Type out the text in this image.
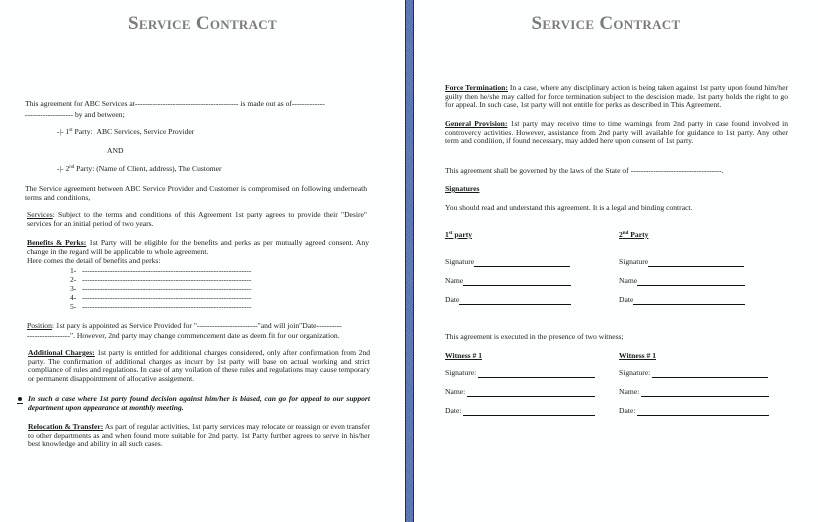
Service Contract
This agreement for ABC Services at----------------------------------------- is made out as of-------------
------------------- by and between;
-|- 1st Party: ABC Services, Service Provider
AND
-|- 2nd Party: (Name of Client, address), The Customer
The Service agreement between ABC Service Provider and Customer is compromised on following underneath terms and conditions,
Services: Subject to the terms and conditions of this Agreement 1st party agrees to provide their "Desire" services for an initial period of two years.
Benefits & Perks: 1st Party will be eligible for the benefits and perks as per mutually agreed consent. Any change in the regard will be applicable to whole agreement.
Here comes the detail of benefits and perks:
1- -------------------------------------------------------------------
2- -------------------------------------------------------------------
3- -------------------------------------------------------------------
4- -------------------------------------------------------------------
5- -------------------------------------------------------------------
Position: 1st pary is appointed as Service Provided for "------------------------"and will join"Date----------
-----------------". However, 2nd party may change commencement date as deem fit for our organization.
Additional Charges: 1st party is entitled for additional charges considered, only after confirmation from 2nd party. The confirmation of additional charges as incurr by 1st party will base on actual working and strict compliance of rules and regulations. In case of any voilation of these rules and regulations may cause temporary or permanent disappointment of allocative assigement.
In such a case where 1st party found decision against him/her is biased, can go for appeal to our support department upon appearance at monthly meeting.
Relocation & Transfer: As part of regular activities, 1st party services may relocate or reassign or even transfer to other departments as and when found more suitable for 2nd party. 1st Party further agrees to serve in his/her best knowledge and ability in all such cases.
Service Contract
Force Termination: In a case, where any disciplinary action is being taken against 1st party upon found him/her guilty then he/she may called for force termination subject to the descision made. 1st party holds the right to go for appeal. In such case, 1st party will not entitle for perks as described in This Agreement.
General Provision: 1st party may receive time to time warnings from 2nd party in case found involved in controvercy activities. However, assistance from 2nd party will available for guidance to 1st party. Any other term and condition, if found necessary, may added here upon consent of 1st party.
This agreement shall be governed by the laws of the State of ------------------------------------.
Signatures
You should read and understand this agreement. It is a legal and binding contract.
1st party	2nd Party
Signature
Name
Date
Signature
Name
Date
This agreement is executed in the presence of two witness;
Witness # 1	Witness # 1
Signature:
Name:
Date:
Signature:
Name:
Date:
